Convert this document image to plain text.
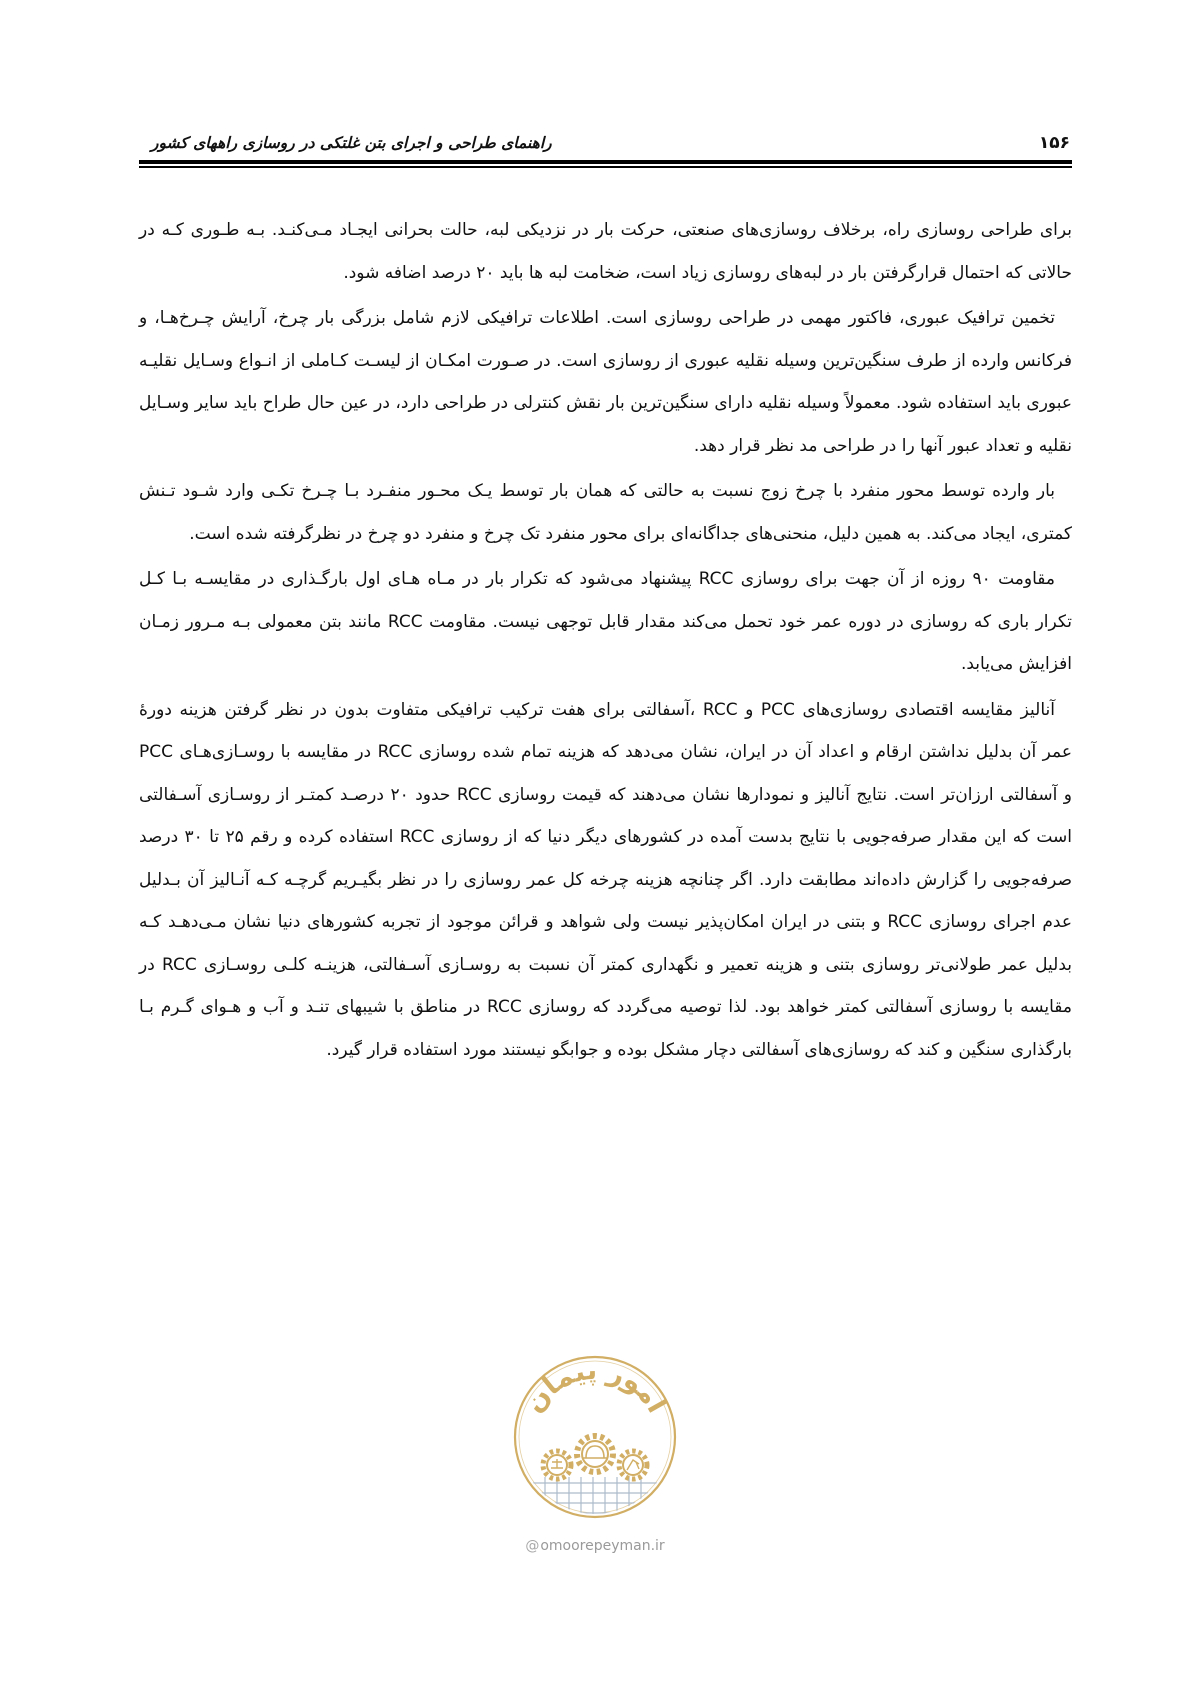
۱۵۶
راهنمای طراحی و اجرای بتن غلتکی در روسازی راههای کشور
برای طراحی روسازی راه، برخلاف روسازی‌های صنعتی، حرکت بار در نزدیکی لبه، حالت بحرانی ایجـاد مـی‌کنـد. بـه طـوری کـه در
حالاتی که احتمال قرارگرفتن بار در لبه‌های روسازی زیاد است، ضخامت لبه ها باید ۲۰ درصد اضافه شود.
تخمین ترافیک عبوری، فاکتور مهمی در طراحی روسازی است. اطلاعات ترافیکی لازم شامل بزرگی بار چرخ، آرایش چـرخ‌هـا، و
فرکانس وارده از طرف سنگین‌ترین وسیله نقلیه عبوری از روسازی است. در صـورت امکـان از لیسـت کـاملی از انـواع وسـایل نقلیـه
عبوری باید استفاده شود. معمولاً وسیله نقلیه دارای سنگین‌ترین بار نقش کنترلی در طراحی دارد، در عین حال طراح باید سایر وسـایل
نقلیه و تعداد عبور آنها را در طراحی مد نظر قرار دهد.
بار وارده توسط محور منفرد با چرخ زوج نسبت به حالتی که همان بار توسط یـک محـور منفـرد بـا چـرخ تکـی وارد شـود تـنش
کمتری، ایجاد می‌کند. به همین دلیل، منحنی‌های جداگانه‌ای برای محور منفرد تک چرخ و منفرد دو چرخ در نظرگرفته شده است.
مقاومت ۹۰ روزه از آن جهت برای روسازی RCC پیشنهاد می‌شود که تکرار بار در مـاه هـای اول بارگـذاری در مقایسـه بـا کـل
تکرار باری که روسازی در دوره عمر خود تحمل می‌کند مقدار قابل توجهی نیست. مقاومت RCC مانند بتن معمولی بـه مـرور زمـان
افزایش می‌یابد.
آنالیز مقایسه اقتصادی روسازی‌های PCC و RCC ،آسفالتی برای هفت ترکیب ترافیکی متفاوت بدون در نظر گرفتن هزینه دورهٔ
عمر آن بدلیل نداشتن ارقام و اعداد آن در ایران، نشان می‌دهد که هزینه تمام شده روسازی RCC در مقایسه با روسـازی‌هـای PCC
و آسفالتی ارزان‌تر است. نتایج آنالیز و نمودارها نشان می‌دهند که قیمت روسازی RCC حدود ۲۰ درصـد کمتـر از روسـازی آسـفالتی
است که این مقدار صرفه‌جویی با نتایج بدست آمده در کشورهای دیگر دنیا که از روسازی RCC استفاده کرده و رقم ۲۵ تا ۳۰ درصد
صرفه‌جویی را گزارش داده‌اند مطابقت دارد. اگر چنانچه هزینه چرخه کل عمر روسازی را در نظر بگیـریم گرچـه کـه آنـالیز آن بـدلیل
عدم اجرای روسازی RCC و بتنی در ایران امکان‌پذیر نیست ولی شواهد و قرائن موجود از تجربه کشورهای دنیا نشان مـی‌دهـد کـه
بدلیل عمر طولانی‌تر روسازی بتنی و هزینه تعمیر و نگهداری کمتر آن نسبت به روسـازی آسـفالتی، هزینـه کلـی روسـازی RCC در
مقایسه با روسازی آسفالتی کمتر خواهد بود. لذا توصیه می‌گردد که روسازی RCC در مناطق با شیبهای تنـد و آب و هـوای گـرم بـا
بارگذاری سنگین و کند که روسازی‌های آسفالتی دچار مشکل بوده و جوابگو نیستند مورد استفاده قرار گیرد.
امور پیمان
@omoorepeyman.ir
